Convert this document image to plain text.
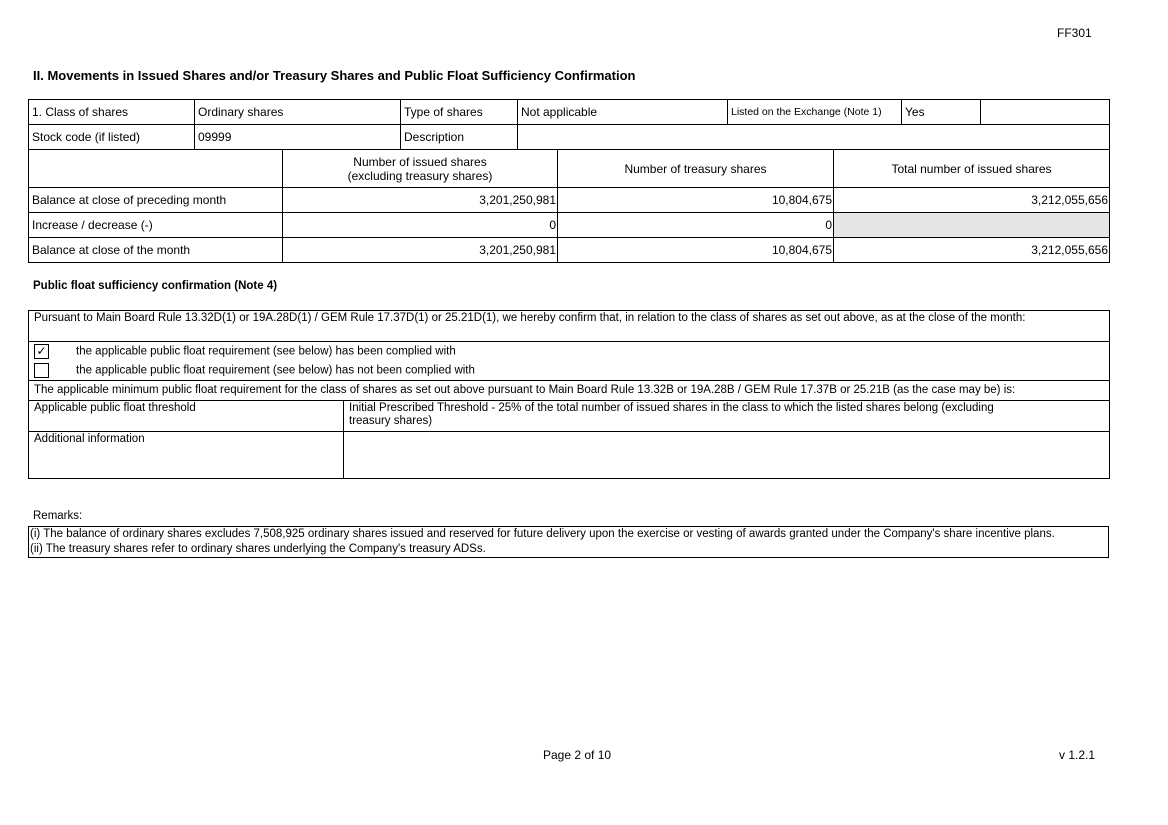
FF301
II. Movements in Issued Shares and/or Treasury Shares and Public Float Sufficiency Confirmation
1. Class of shares	Ordinary shares	Type of shares	Not applicable	Listed on the Exchange (Note 1)	Yes	
Stock code (if listed)	09999	Description				
	Number of issued shares (excluding treasury shares)	Number of treasury shares	Total number of issued shares
Balance at close of preceding month	3,201,250,981	10,804,675	3,212,055,656
Increase / decrease (-)	0	0	
Balance at close of the month	3,201,250,981	10,804,675	3,212,055,656
Public float sufficiency confirmation (Note 4)
Pursuant to Main Board Rule 13.32D(1) or 19A.28D(1) / GEM Rule 17.37D(1) or 25.21D(1), we hereby confirm that, in relation to the class of shares as set out above, as at the close of the month:	
✓ the applicable public float requirement (see below) has been complied with	
the applicable public float requirement (see below) has not been complied with	
The applicable minimum public float requirement for the class of shares as set out above pursuant to Main Board Rule 13.32B or 19A.28B / GEM Rule 17.37B or 25.21B (as the case may be) is:	
Applicable public float threshold	Initial Prescribed Threshold - 25% of the total number of issued shares in the class to which the listed shares belong (excluding treasury shares)
Additional information	
Remarks:
(i) The balance of ordinary shares excludes 7,508,925 ordinary shares issued and reserved for future delivery upon the exercise or vesting of awards granted under the Company's share incentive plans.
(ii) The treasury shares refer to ordinary shares underlying the Company's treasury ADSs.
Page 2 of 10	v 1.2.1
